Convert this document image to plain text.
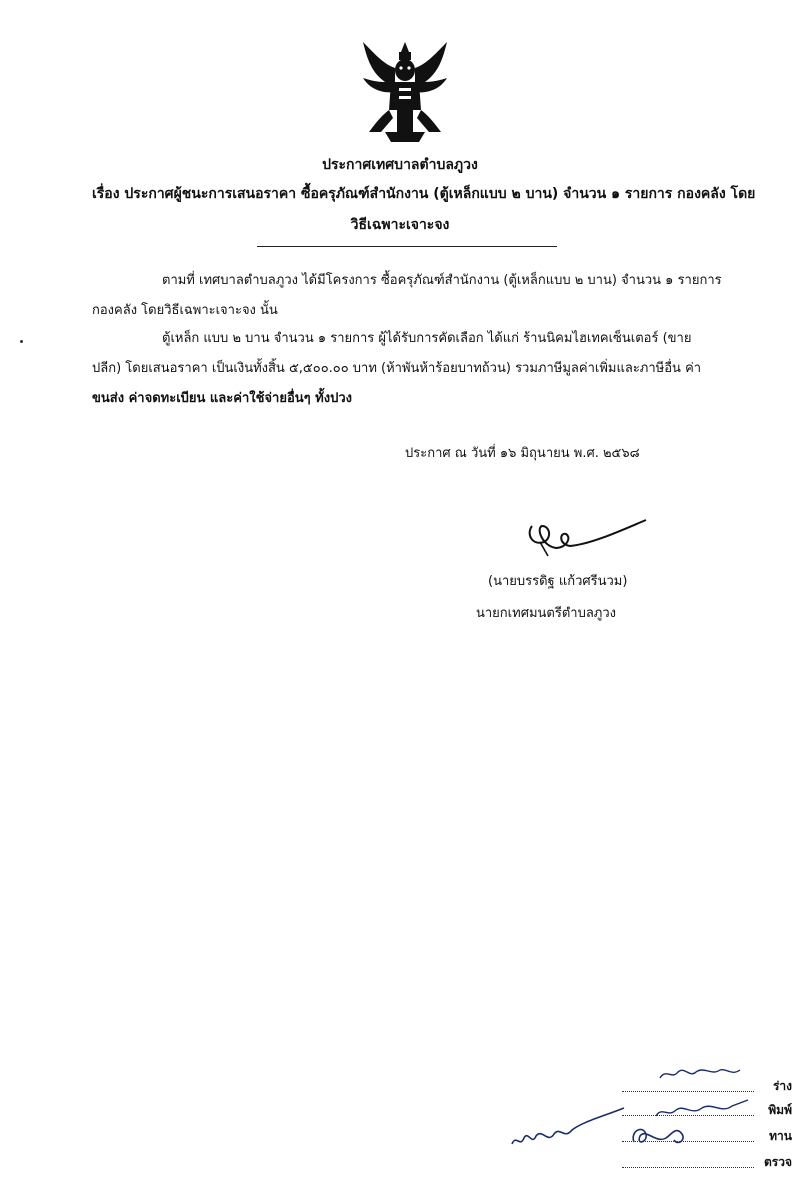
ประกาศเทศบาลตำบลภูวง
เรื่อง ประกาศผู้ชนะการเสนอราคา ซื้อครุภัณฑ์สำนักงาน (ตู้เหล็กแบบ ๒ บาน) จำนวน ๑ รายการ กองคลัง โดย
วิธีเฉพาะเจาะจง
ตามที่ เทศบาลตำบลภูวง ได้มีโครงการ ซื้อครุภัณฑ์สำนักงาน (ตู้เหล็กแบบ ๒ บาน) จำนวน ๑ รายการ
กองคลัง โดยวิธีเฉพาะเจาะจง นั้น
ตู้เหล็ก แบบ ๒ บาน จำนวน ๑ รายการ ผู้ได้รับการคัดเลือก ได้แก่ ร้านนิคมไฮเทคเซ็นเตอร์ (ขาย
ปลีก) โดยเสนอราคา เป็นเงินทั้งสิ้น ๕,๕๐๐.๐๐ บาท (ห้าพันห้าร้อยบาทถ้วน) รวมภาษีมูลค่าเพิ่มและภาษีอื่น ค่า
ขนส่ง ค่าจดทะเบียน และค่าใช้จ่ายอื่นๆ ทั้งปวง
ประกาศ ณ วันที่ ๑๖ มิถุนายน พ.ศ. ๒๕๖๘
(นายบรรดิฐ แก้วศรีนวม)
นายกเทศมนตรีตำบลภูวง
ร่าง
พิมพ์
ทาน
ตรวจ
